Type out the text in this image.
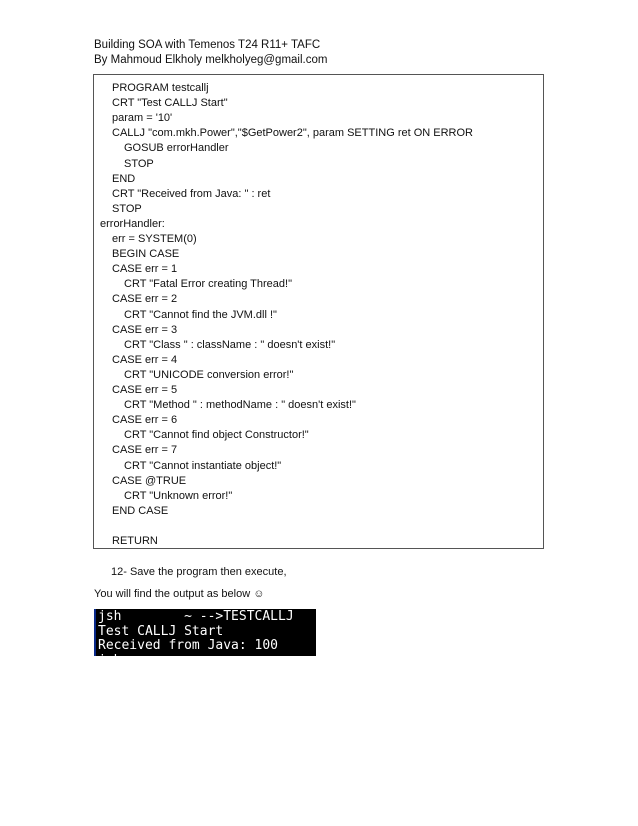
Building SOA with Temenos T24 R11+ TAFC
By Mahmoud Elkholy melkholyeg@gmail.com
PROGRAM testcallj
CRT "Test CALLJ Start"
param = '10'
CALLJ "com.mkh.Power","$GetPower2", param SETTING ret ON ERROR
GOSUB errorHandler
STOP
END
CRT "Received from Java: " : ret
STOP
errorHandler:
err = SYSTEM(0)
BEGIN CASE
CASE err = 1
CRT "Fatal Error creating Thread!"
CASE err = 2
CRT "Cannot find the JVM.dll !"
CASE err = 3
CRT "Class " : className : " doesn't exist!"
CASE err = 4
CRT "UNICODE conversion error!"
CASE err = 5
CRT "Method " : methodName : " doesn't exist!"
CASE err = 6
CRT "Cannot find object Constructor!"
CASE err = 7
CRT "Cannot instantiate object!"
CASE @TRUE
CRT "Unknown error!"
END CASE
RETURN
12- Save the program then execute,
You will find the output as below ☺
jsh        ~ -->TESTCALLJ
Test CALLJ Start
Received from Java: 100
jsh
